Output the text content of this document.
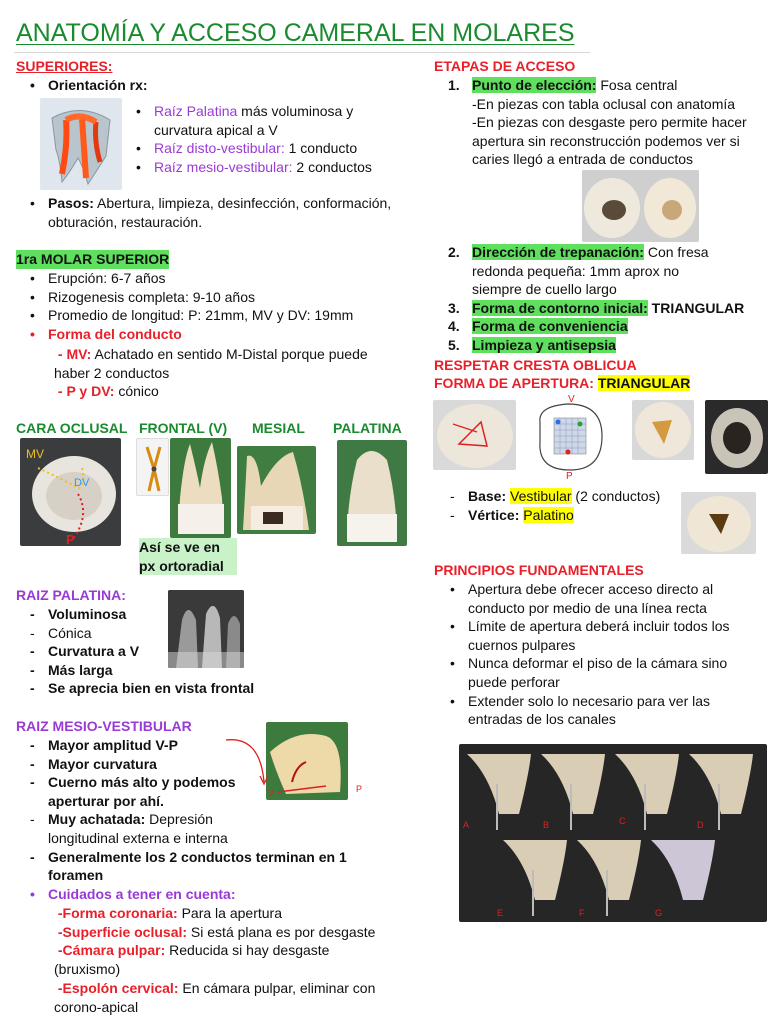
ANATOMÍA Y ACCESO CAMERAL EN MOLARES
SUPERIORES:
• Orientación rx:
• Raíz Palatina más voluminosa y curvatura apical a V
• Raíz disto-vestibular: 1 conducto
• Raíz mesio-vestibular: 2 conductos
• Pasos: Abertura, limpieza, desinfección, conformación, obturación, restauración.
1ra MOLAR SUPERIOR
• Erupción: 6-7 años
• Rizogenesis completa: 9-10 años
• Promedio de longitud: P: 21mm, MV y DV: 19mm
• Forma del conducto
- MV: Achatado en sentido M-Distal porque puede haber 2 conductos
- P y DV: cónico
CARA OCLUSAL FRONTAL (V) MESIAL PALATINA
MV
DV
P	Así se ve en px ortoradial
RAIZ PALATINA:
- Voluminosa
- Cónica
- Curvatura a V
- Más larga
- Se aprecia bien en vista frontal
RAIZ MESIO-VESTIBULAR
V	P
- Mayor amplitud V-P
- Mayor curvatura
- Cuerno más alto y podemos aperturar por ahí.
- Muy achatada: Depresión longitudinal externa e interna
- Generalmente los 2 conductos terminan en 1 foramen
• Cuidados a tener en cuenta:
-Forma coronaria: Para la apertura
-Superficie oclusal: Si está plana es por desgaste
-Cámara pulpar: Reducida si hay desgaste (bruxismo)
-Espolón cervical: En cámara pulpar, eliminar con corono-apical
ETAPAS DE ACCESO
1. Punto de elección: Fosa central
-En piezas con tabla oclusal con anatomía
-En piezas con desgaste pero permite hacer apertura sin reconstrucción podemos ver si caries llegó a entrada de conductos
2. Dirección de trepanación: Con fresa redonda pequeña: 1mm aprox no siempre de cuello largo
3. Forma de contorno inicial: TRIANGULAR
4. Forma de conveniencia
5. Limpieza y antisepsia
RESPETAR CRESTA OBLICUA
FORMA DE APERTURA: TRIANGULAR
V
P
- Base: Vestibular (2 conductos)
- Vértice: Palatino
PRINCIPIOS FUNDAMENTALES
• Apertura debe ofrecer acceso directo al conducto por medio de una línea recta
• Límite de apertura deberá incluir todos los cuernos pulpares
• Nunca deformar el piso de la cámara sino puede perforar
• Extender solo lo necesario para ver las entradas de los canales
A	B	C	D
E	F	G
